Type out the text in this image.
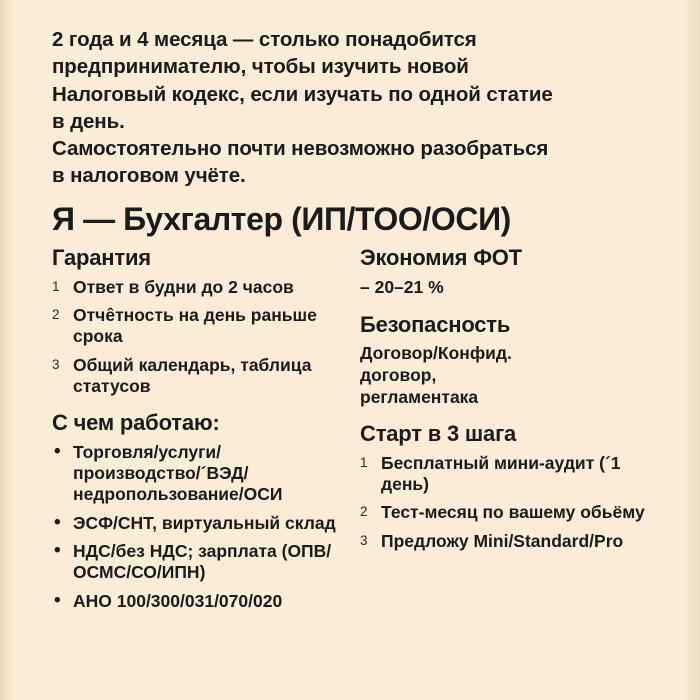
2 года и 4 месяца — столько понадобится

предпринимателю, чтобы изучить новой

Налоговый кодекс, если изучать по одной статие

в день.

Самостоятельно почти невозможно разобраться

в налоговом учёте.

Я — Бухгалтер (ИП/ТОО/ОСИ)
Гарантия
1 Ответ в будни до 2 часов
2 Отчêтность на день раньше срока
3 Общий календарь, таблица статусов
С чем работаю:
• Торговля/услуги/ производство/´ВЭД/ недропользование/ОСИ
• ЭСФ/СНТ, виртуальный склад
• НДС/без НДС; зарплата (ОПВ/ОСМС/СО/ИПН)
• АНО 100/300/031/070/020
Экономия ФОТ

– 20–21 %

Безопасность

Договор/Конфид.
договор,
регламентака

Старт в 3 шага
1 Бесплатный мини-аудит (´1 день)
2 Тест-месяц по вашему обьёму
3 Предложу Mini/Standard/Pro
